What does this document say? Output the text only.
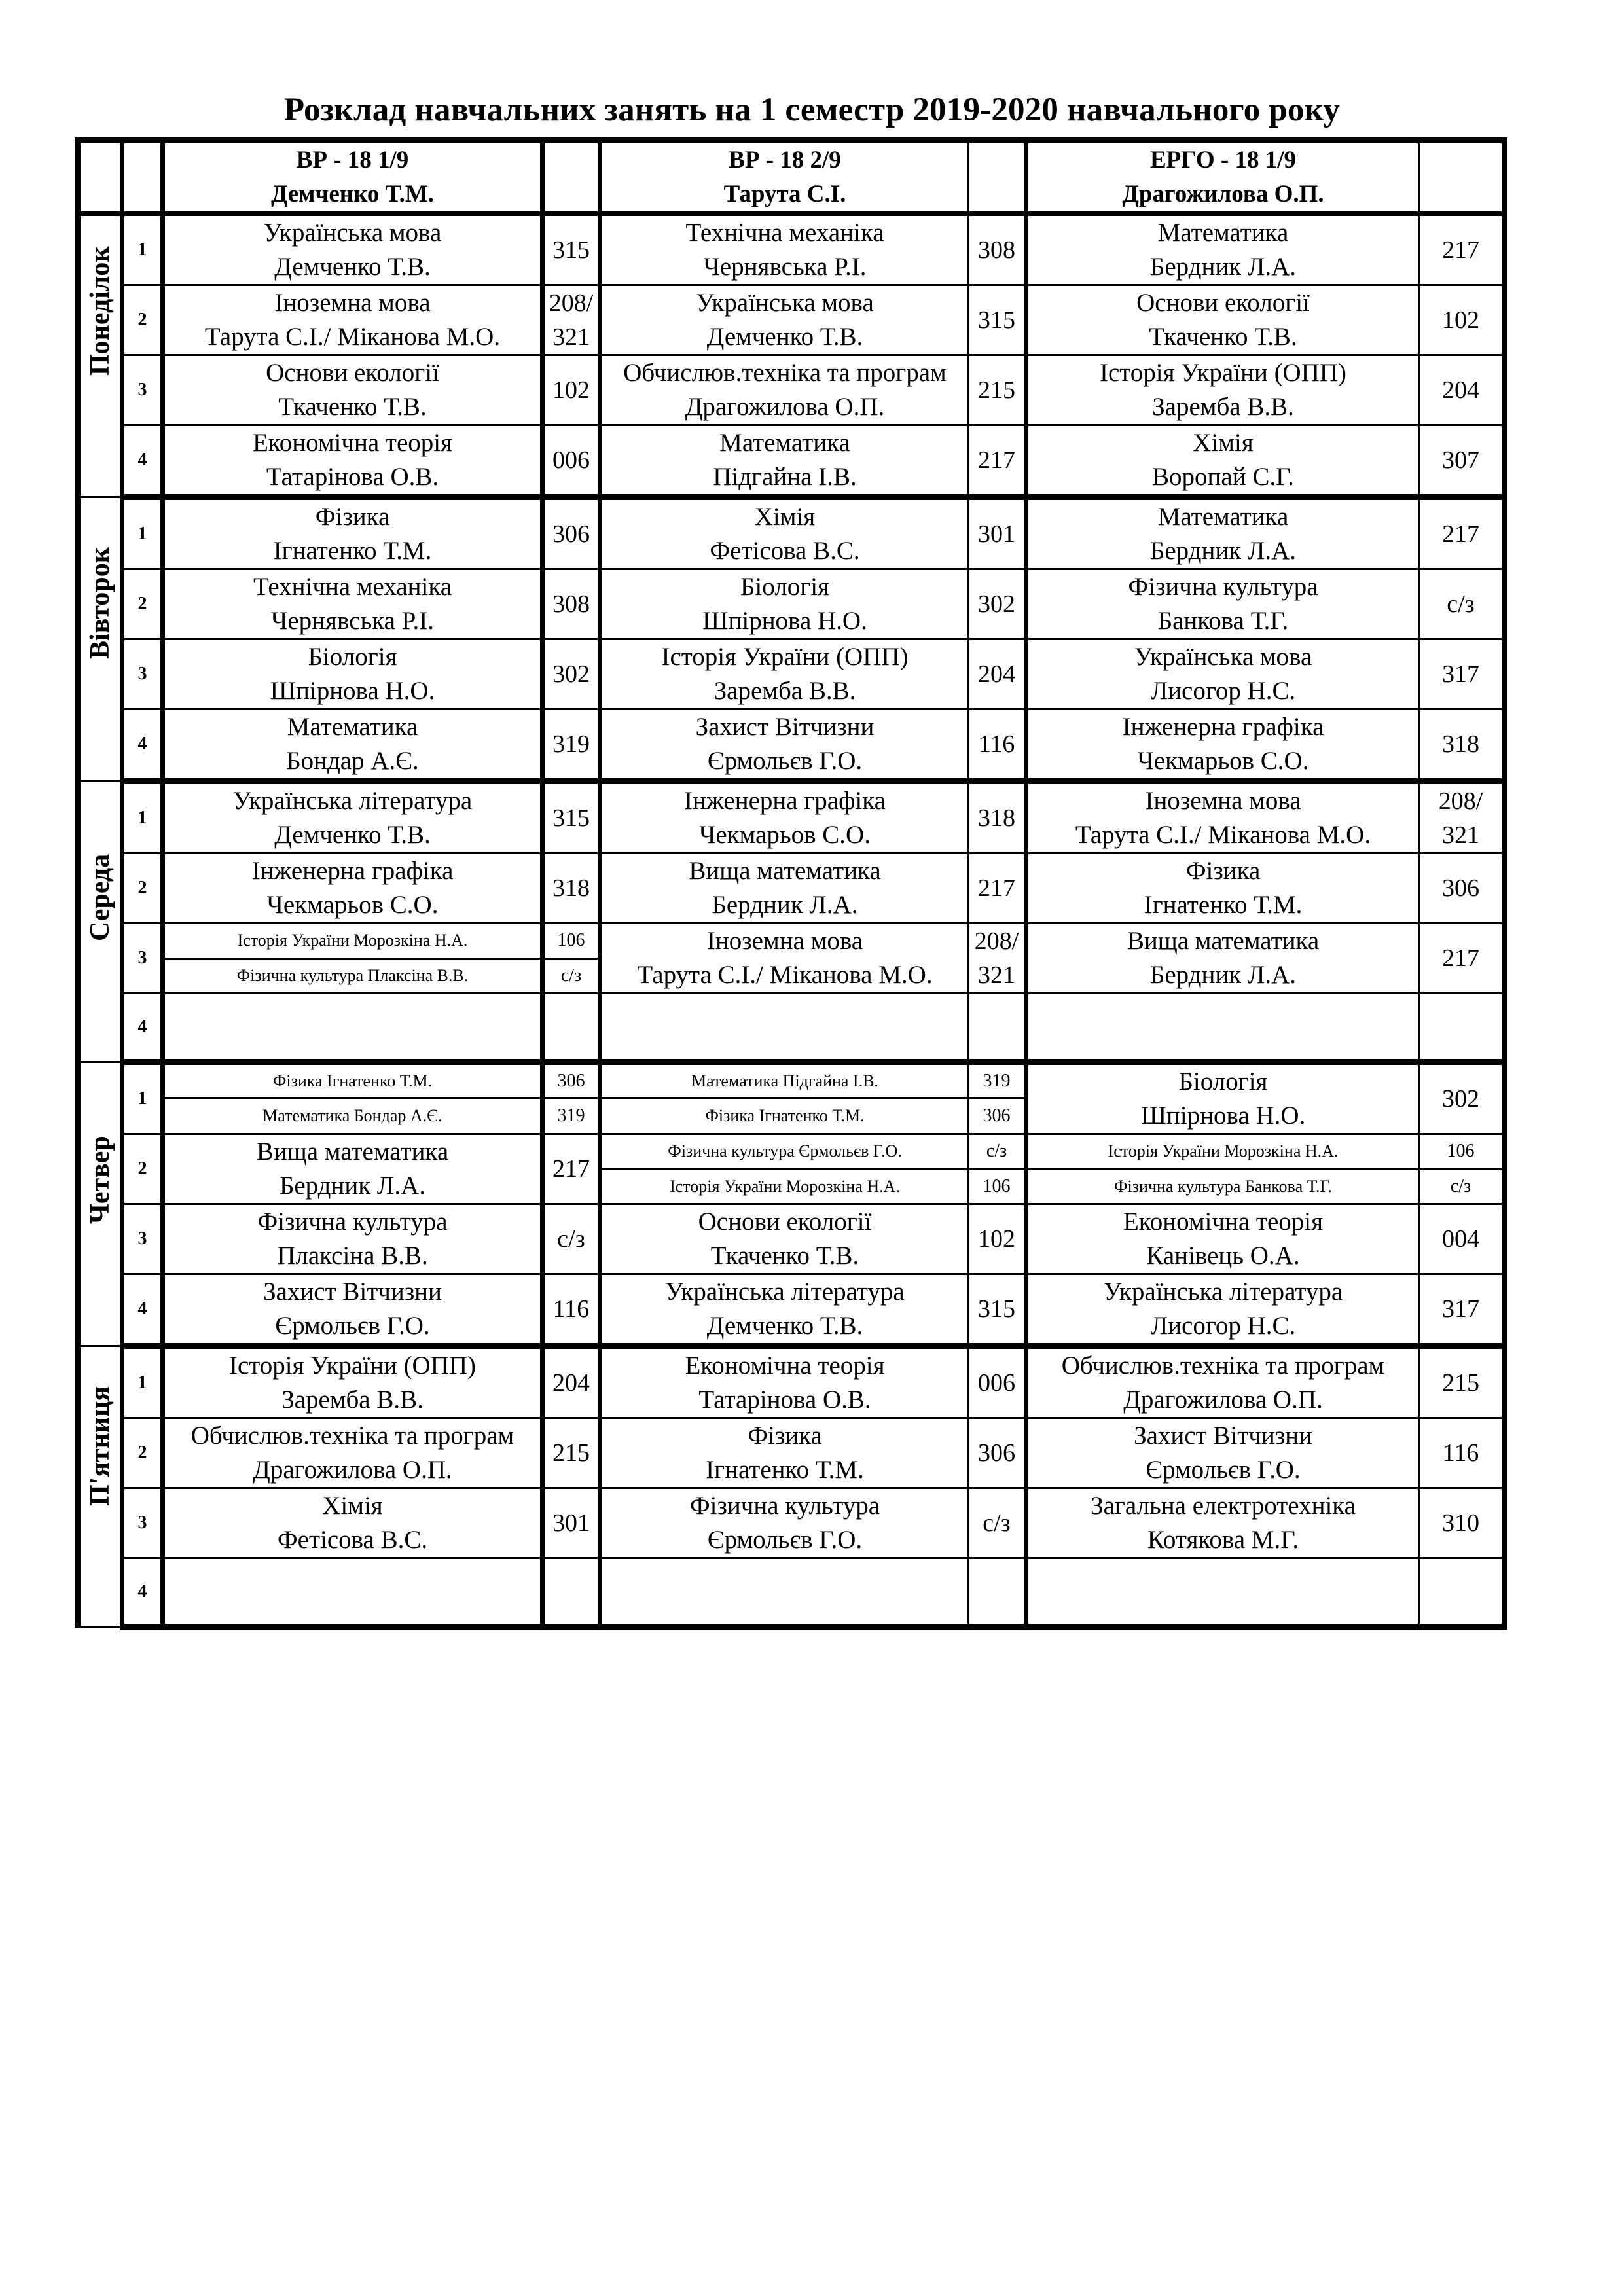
Розклад навчальних занять на 1 семестр 2019-2020 навчального року

		ВР - 18 1/9
Демченко Т.М.		ВР - 18 2/9
Тарута С.І.		ЕРГО - 18 1/9
Драгожилова О.П.	

Понеділок	1	Українська мова
Демченко Т.В.	315	Технічна механіка
Чернявська Р.І.	308	Математика
Бердник Л.А.	217

	2	Іноземна мова
Тарута С.І./ Міканова М.О.	208/
321	Українська мова
Демченко Т.В.	315	Основи екології
Ткаченко Т.В.	102

	3	Основи екології
Ткаченко Т.В.	102	Обчислюв.техніка та програм
Драгожилова О.П.	215	Історія України (ОПП)
Заремба В.В.	204

	4	Економічна теорія
Татарінова О.В.	006	Математика
Підгайна І.В.	217	Хімія
Воропай С.Г.	307

Вівторок	1	Фізика
Ігнатенко Т.М.	306	Хімія
Фетісова В.С.	301	Математика
Бердник Л.А.	217

	2	Технічна механіка
Чернявська Р.І.	308	Біологія
Шпірнова Н.О.	302	Фізична культура
Банкова Т.Г.	с/з

	3	Біологія
Шпірнова Н.О.	302	Історія України (ОПП)
Заремба В.В.	204	Українська мова
Лисогор Н.С.	317

	4	Математика
Бондар А.Є.	319	Захист Вітчизни
Єрмольєв Г.О.	116	Інженерна графіка
Чекмарьов С.О.	318

Середа	1	Українська література
Демченко Т.В.	315	Інженерна графіка
Чекмарьов С.О.	318	Іноземна мова
Тарута С.І./ Міканова М.О.	208/
321

	2	Інженерна графіка
Чекмарьов С.О.	318	Вища математика
Бердник Л.А.	217	Фізика
Ігнатенко Т.М.	306

	3	Історія України Морозкіна Н.А.	106	Іноземна мова
Тарута С.І./ Міканова М.О.	208/
321	Вища математика
Бердник Л.А.	217

		Фізична культура Плаксіна В.В.	с/з				
	4	

Четвер	1	Фізика Ігнатенко Т.М.	306	Математика Підгайна І.В.	319	Біологія
Шпірнова Н.О.	302

		Математика Бондар А.Є.	319	Фізика Ігнатенко Т.М.	306		
	2	Вища математика
Бердник Л.А.	217	Фізична культура Єрмольєв Г.О.	с/з	Історія України Морозкіна Н.А.	106
				Історія України Морозкіна Н.А.	106	Фізична культура Банкова Т.Г.	с/з
	3	Фізична культура
Плаксіна В.В.	с/з	Основи екології
Ткаченко Т.В.	102	Економічна теорія
Канівець О.А.	004

	4	Захист Вітчизни
Єрмольєв Г.О.	116	Українська література
Демченко Т.В.	315	Українська література
Лисогор Н.С.	317

П'ятниця	1	Історія України (ОПП)
Заремба В.В.	204	Економічна теорія
Татарінова О.В.	006	Обчислюв.техніка та програм
Драгожилова О.П.	215

	2	Обчислюв.техніка та програм
Драгожилова О.П.	215	Фізика
Ігнатенко Т.М.	306	Захист Вітчизни
Єрмольєв Г.О.	116

	3	Хімія
Фетісова В.С.	301	Фізична культура
Єрмольєв Г.О.	с/з	Загальна електротехніка
Котякова М.Г.	310

	4	
